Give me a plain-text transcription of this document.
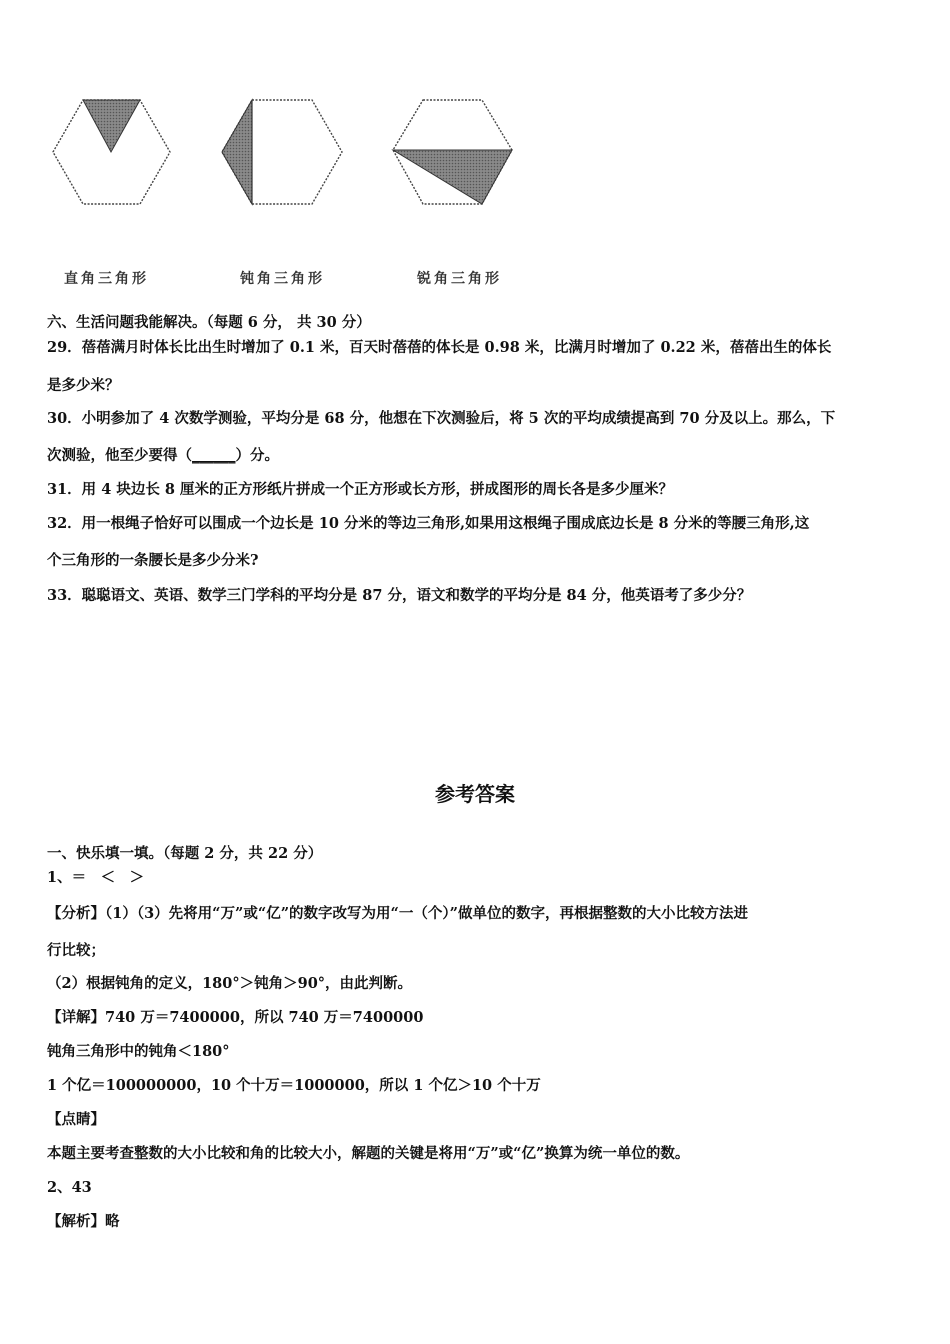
直角三角形	钝角三角形	锐角三角形
六、生活问题我能解决。（每题 6 分， 共 30 分）
29．蓓蓓满月时体长比出生时增加了 0.1 米，百天时蓓蓓的体长是 0.98 米，比满月时增加了 0.22 米，蓓蓓出生的体长
是多少米？
30．小明参加了 4 次数学测验，平均分是 68 分，他想在下次测验后，将 5 次的平均成绩提高到 70 分及以上。那么，下
次测验，他至少要得（______）分。
31．用 4 块边长 8 厘米的正方形纸片拼成一个正方形或长方形，拼成图形的周长各是多少厘米？
32．用一根绳子恰好可以围成一个边长是 10 分米的等边三角形,如果用这根绳子围成底边长是 8 分米的等腰三角形,这
个三角形的一条腰长是多少分米?
33．聪聪语文、英语、数学三门学科的平均分是 87 分，语文和数学的平均分是 84 分，他英语考了多少分？
参考答案
一、快乐填一填。（每题 2 分，共 22 分）
1、＝　＜　＞
【分析】（1）（3）先将用“万”或“亿”的数字改写为用“一（个）”做单位的数字，再根据整数的大小比较方法进
行比较；
（2）根据钝角的定义，180°＞钝角＞90°，由此判断。
【详解】740 万＝7400000，所以 740 万＝7400000
钝角三角形中的钝角＜180°
1 个亿＝100000000，10 个十万＝1000000，所以 1 个亿＞10 个十万
【点睛】
本题主要考查整数的大小比较和角的比较大小，解题的关键是将用“万”或“亿”换算为统一单位的数。
2、43
【解析】略
